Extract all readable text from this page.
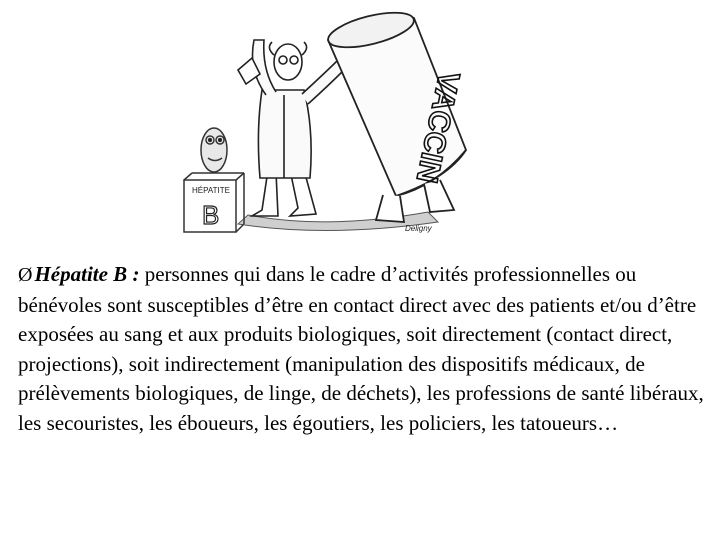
HÉPATITE
B
VACCIN
Deligny
ØHépatite B : personnes qui dans le cadre d’activités professionnelles ou bénévoles sont susceptibles d’être en contact direct avec des patients et/ou d’être exposées au sang et aux produits biologiques, soit directement (contact direct, projections), soit indirectement (manipulation des dispositifs médicaux, de prélèvements biologiques, de linge, de déchets), les professions de santé libéraux, les secouristes, les éboueurs, les égoutiers, les policiers, les tatoueurs…
